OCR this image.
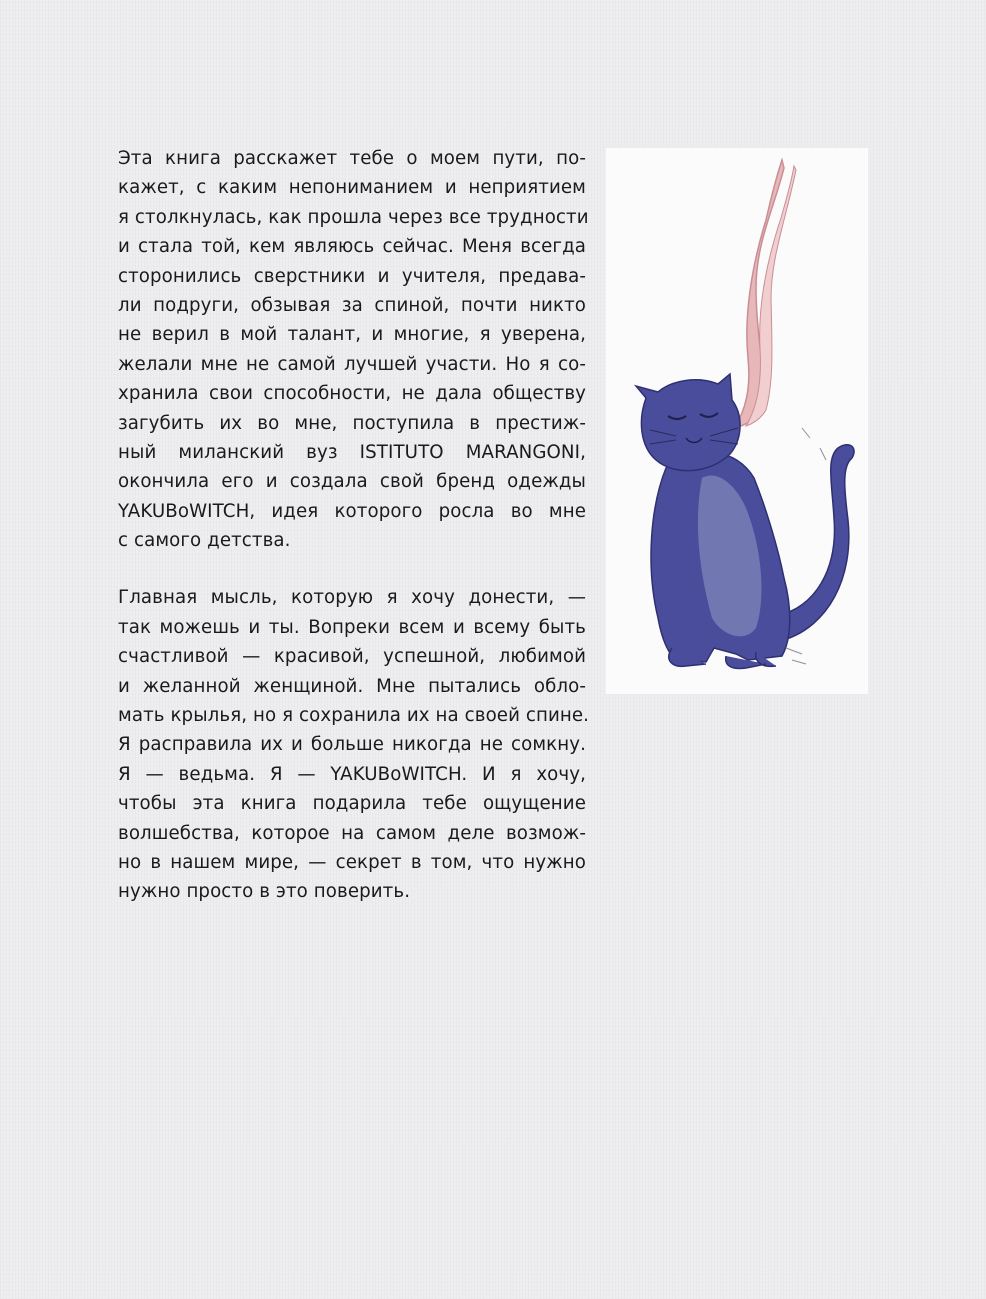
Эта книга расскажет тебе о моем пути, по-
кажет, с каким непониманием и неприятием
я столкнулась, как прошла через все трудности
и стала той, кем являюсь сейчас. Меня всегда
сторонились сверстники и учителя, предава-
ли подруги, обзывая за спиной, почти никто
не верил в мой талант, и многие, я уверена,
желали мне не самой лучшей участи. Но я со-
хранила свои способности, не дала обществу
загубить их во мне, поступила в престиж-
ный миланский вуз ISTITUTO MARANGONI,
окончила его и создала свой бренд одежды
YAKUBoWITCH, идея которого росла во мне
с самого детства.

Главная мысль, которую я хочу донести, —
так можешь и ты. Вопреки всем и всему быть
счастливой — красивой, успешной, любимой
и желанной женщиной. Мне пытались обло-
мать крылья, но я сохранила их на своей спине.
Я расправила их и больше никогда не сомкну.
Я — ведьма. Я — YAKUBoWITCH. И я хочу,
чтобы эта книга подарила тебе ощущение
волшебства, которое на самом деле возмож-
но в нашем мире, — секрет в том, что нужно
нужно просто в это поверить.
